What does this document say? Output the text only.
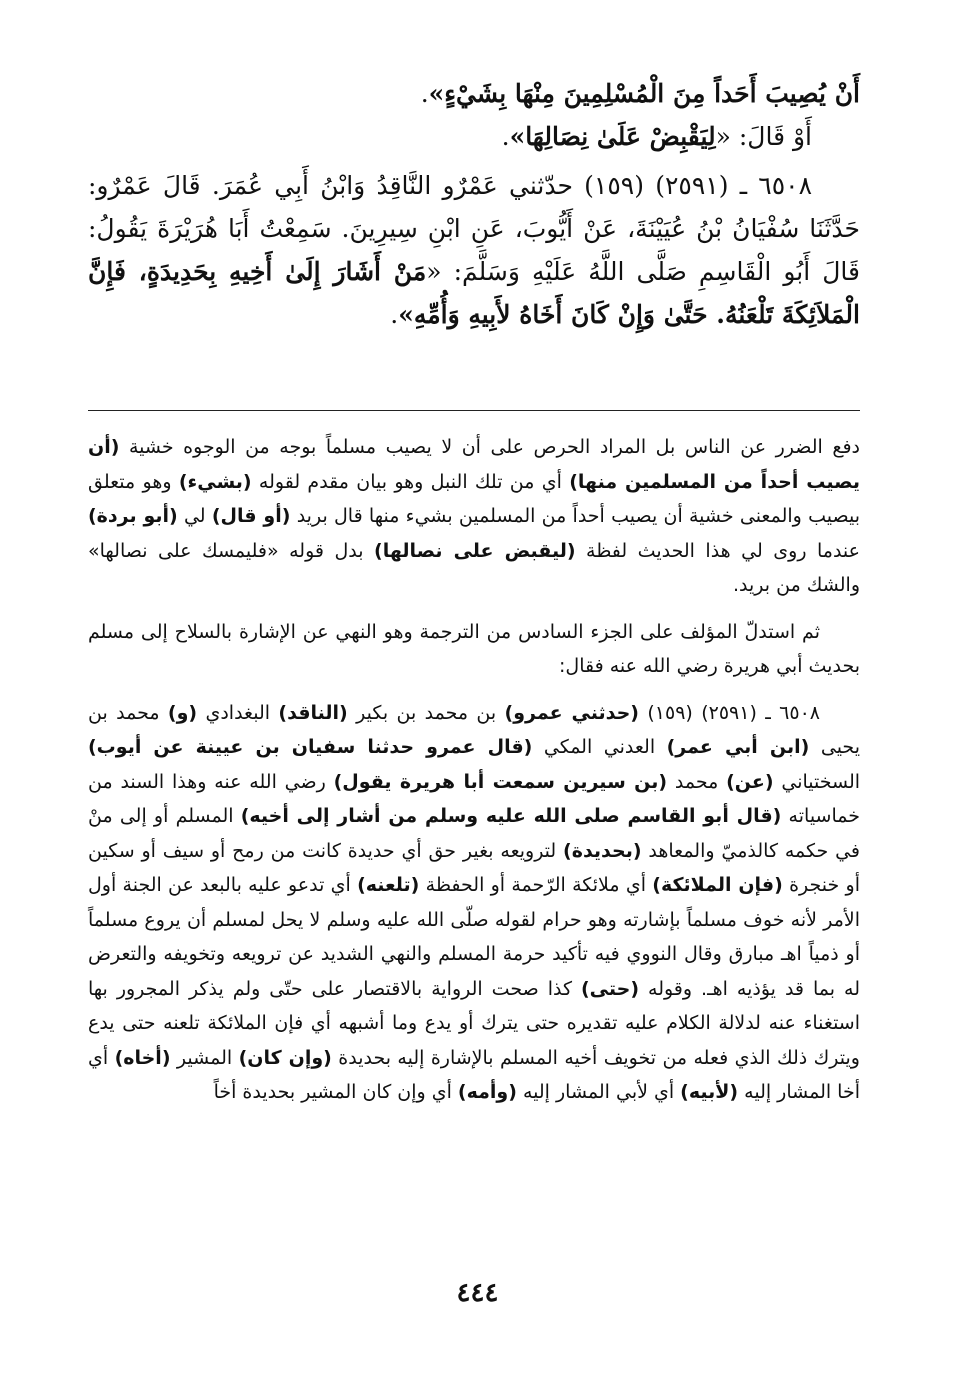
أَنْ يُصِيبَ أَحَداً مِنَ الْمُسْلِمِينَ مِنْهَا بِشَيْءٍ».

أَوْ قَالَ: «لِيَقْبِضْ عَلَىٰ نِصَالِهَا».

٦٥٠٨ ـ (٢٥٩١) (١٥٩) حدّثني عَمْرٌو النَّاقِدُ وَابْنُ أَبِي عُمَرَ. قَالَ عَمْرٌو: حَدَّثَنَا سُفْيَانُ بْنُ عُيَيْنَةَ، عَنْ أَيُّوبَ، عَنِ ابْنِ سِيرِينَ. سَمِعْتُ أَبَا هُرَيْرَةَ يَقُولُ: قَالَ أَبُو الْقَاسِمِ صَلَّى اللَّهُ عَلَيْهِ وَسَلَّمَ: «مَنْ أَشَارَ إِلَىٰ أَخِيهِ بِحَدِيدَةٍ، فَإِنَّ الْمَلاَئِكَةَ تَلْعَنُهُ. حَتَّىٰ وَإِنْ كَانَ أَخَاهُ لأَبِيهِ وَأُمِّهِ».

دفع الضرر عن الناس بل المراد الحرص على أن لا يصيب مسلماً بوجه من الوجوه خشية (أن يصيب أحداً من المسلمين منها) أي من تلك النبل وهو بيان مقدم لقوله (بشيء) وهو متعلق بيصيب والمعنى خشية أن يصيب أحداً من المسلمين بشيء منها قال بريد (أو قال) لي (أبو بردة) عندما روى لي هذا الحديث لفظة (ليقبض على نصالها) بدل قوله «فليمسك على نصالها» والشك من بريد.

ثم استدلّ المؤلف على الجزء السادس من الترجمة وهو النهي عن الإشارة بالسلاح إلى مسلم بحديث أبي هريرة رضي الله عنه فقال:

٦٥٠٨ ـ (٢٥٩١) (١٥٩) (حدثني عمرو) بن محمد بن بكير (الناقد) البغدادي (و) محمد بن يحيى (ابن أبي عمر) العدني المكي (قال عمرو حدثنا سفيان بن عيينة عن أيوب) السختياني (عن) محمد (بن سيرين سمعت أبا هريرة يقول) رضي الله عنه وهذا السند من خماسياته (قال أبو القاسم صلى الله عليه وسلم من أشار إلى أخيه) المسلم أو إلى منْ في حكمه كالذميّ والمعاهد (بحديدة) لترويعه بغير حق أي حديدة كانت من رمح أو سيف أو سكين أو خنجرة (فإن الملائكة) أي ملائكة الرّحمة أو الحفظة (تلعنه) أي تدعو عليه بالبعد عن الجنة أول الأمر لأنه خوف مسلماً بإشارته وهو حرام لقوله صلّى الله عليه وسلم لا يحل لمسلم أن يروع مسلماً أو ذمياً اهـ مبارق وقال النووي فيه تأكيد حرمة المسلم والنهي الشديد عن ترويعه وتخويفه والتعرض له بما قد يؤذيه اهـ. وقوله (حتى) كذا صحت الرواية بالاقتصار على حتّى ولم يذكر المجرور بها استغناء عنه لدلالة الكلام عليه تقديره حتى يترك أو يدع وما أشبهه أي فإن الملائكة تلعنه حتى يدع ويترك ذلك الذي فعله من تخويف أخيه المسلم بالإشارة إليه بحديدة (وإن كان) المشير (أخاه) أي أخا المشار إليه (لأبيه) أي لأبي المشار إليه (وأمه) أي وإن كان المشير بحديدة أخاً

٤٤٤
